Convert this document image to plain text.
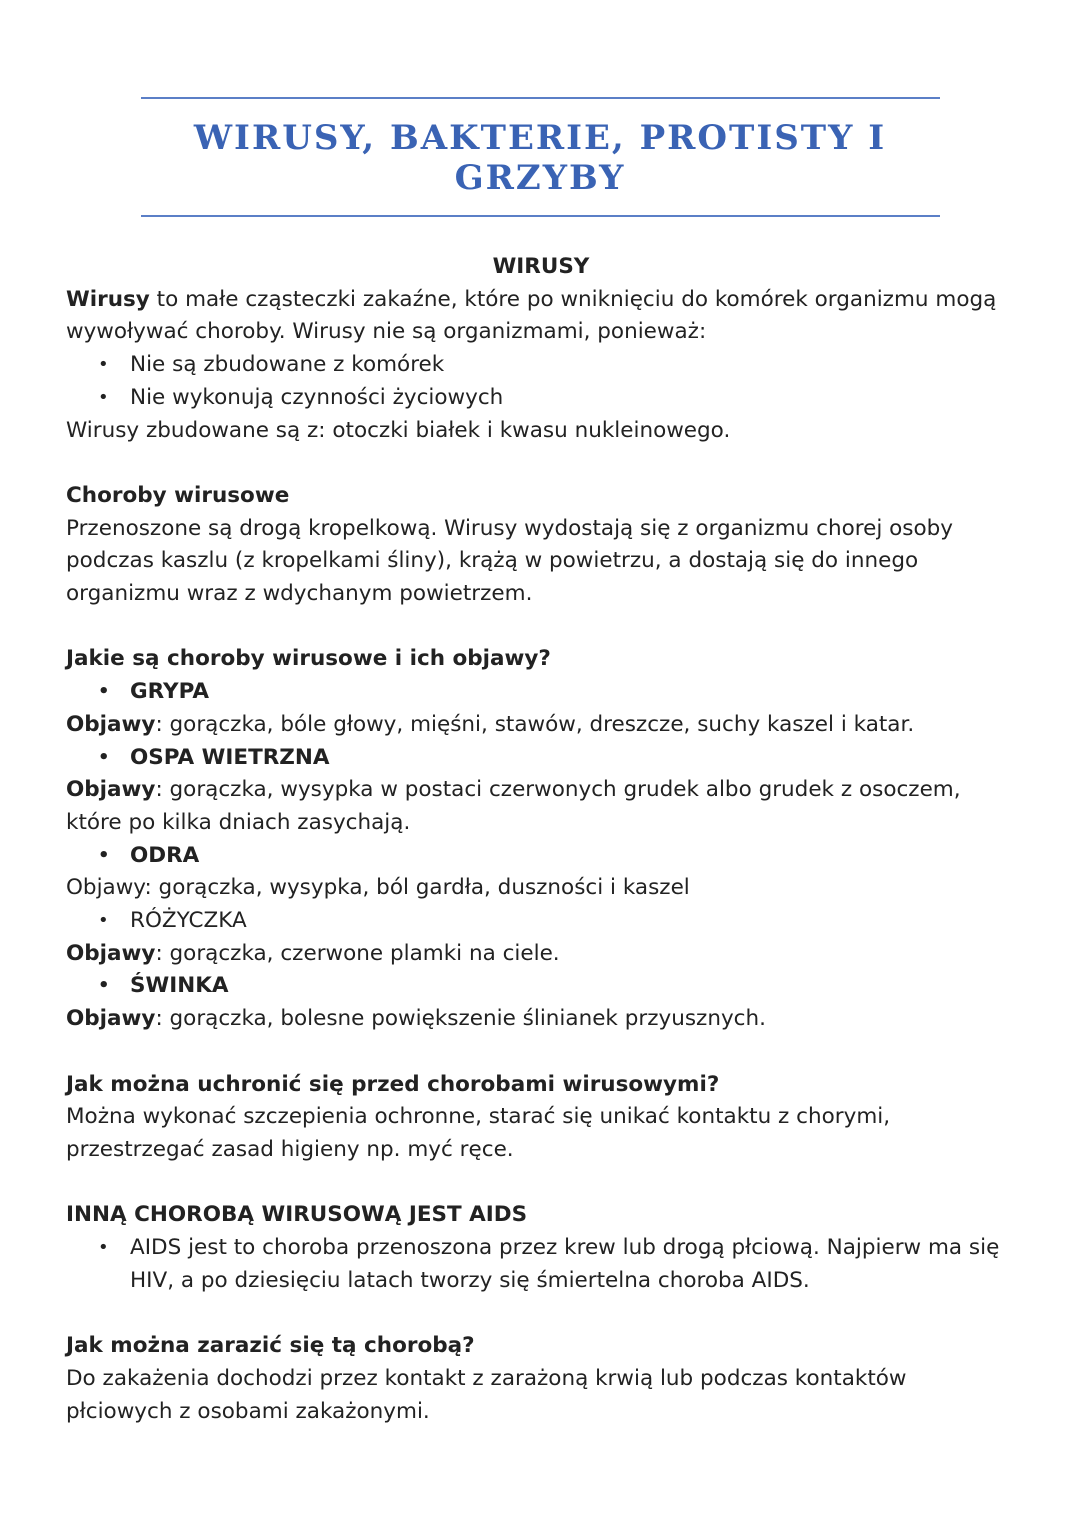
WIRUSY, BAKTERIE, PROTISTY I
GRZYBY

WIRUSY

Wirusy to małe cząsteczki zakaźne, które po wniknięciu do komórek organizmu mogą wywoływać choroby. Wirusy nie są organizmami, ponieważ:

• Nie są zbudowane z komórek
• Nie wykonują czynności życiowych

Wirusy zbudowane są z: otoczki białek i kwasu nukleinowego.

Choroby wirusowe

Przenoszone są drogą kropelkową. Wirusy wydostają się z organizmu chorej osoby podczas kaszlu (z kropelkami śliny), krążą w powietrzu, a dostają się do innego organizmu wraz z wdychanym powietrzem.

Jakie są choroby wirusowe i ich objawy?

• GRYPA

Objawy: gorączka, bóle głowy, mięśni, stawów, dreszcze, suchy kaszel i katar.

• OSPA WIETRZNA

Objawy: gorączka, wysypka w postaci czerwonych grudek albo grudek z osoczem, które po kilka dniach zasychają.

• ODRA

Objawy: gorączka, wysypka, ból gardła, duszności i kaszel

• RÓŻYCZKA

Objawy: gorączka, czerwone plamki na ciele.

• ŚWINKA

Objawy: gorączka, bolesne powiększenie ślinianek przyusznych.

Jak można uchronić się przed chorobami wirusowymi?

Można wykonać szczepienia ochronne, starać się unikać kontaktu z chorymi, przestrzegać zasad higieny np. myć ręce.

INNĄ CHOROBĄ WIRUSOWĄ JEST AIDS

• AIDS jest to choroba przenoszona przez krew lub drogą płciową. Najpierw ma się HIV, a po dziesięciu latach tworzy się śmiertelna choroba AIDS.

Jak można zarazić się tą chorobą?

Do zakażenia dochodzi przez kontakt z zarażoną krwią lub podczas kontaktów płciowych z osobami zakażonymi.
